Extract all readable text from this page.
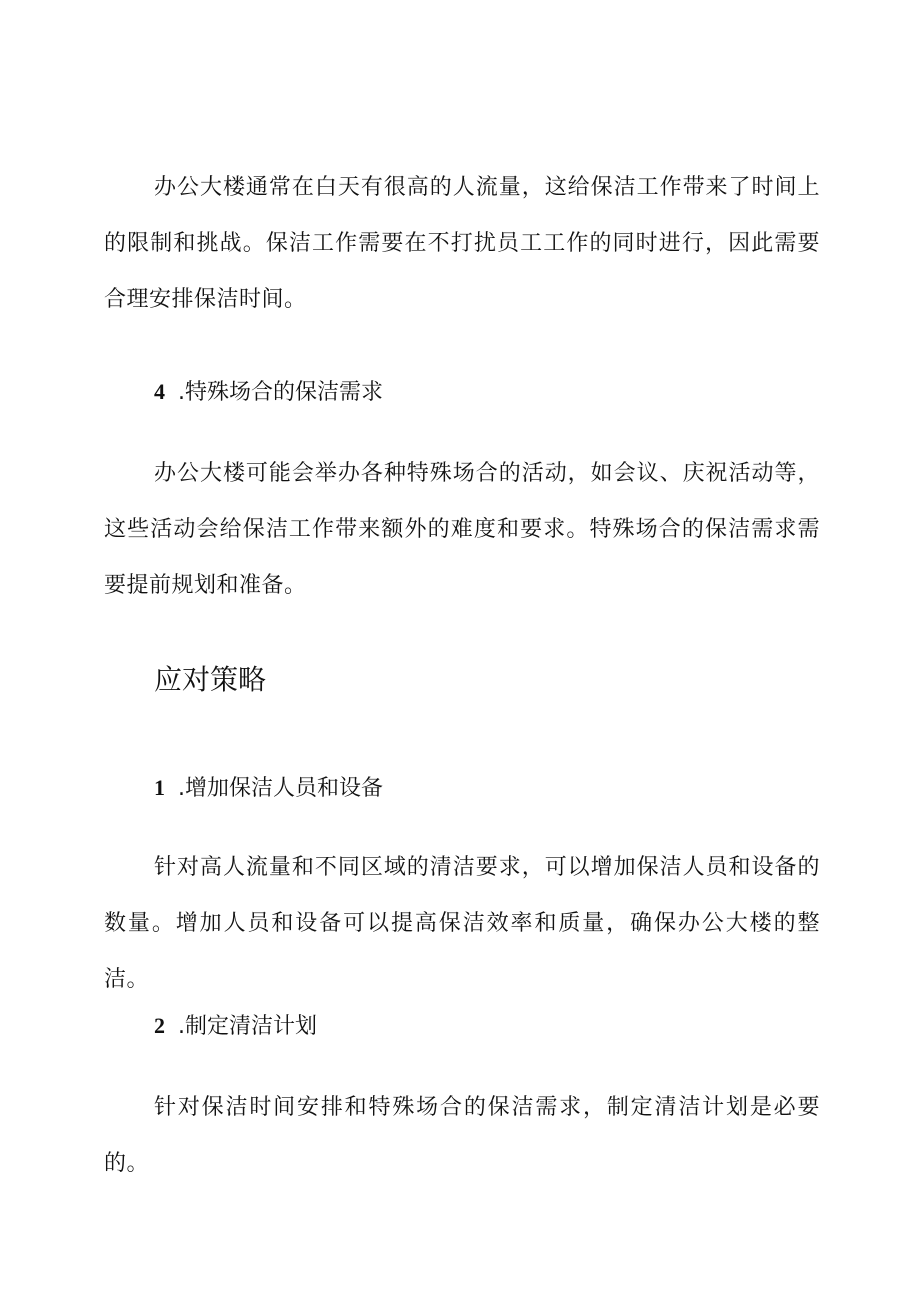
办公大楼通常在白天有很高的人流量，这给保洁工作带来了时间上的限制和挑战。保洁工作需要在不打扰员工工作的同时进行，因此需要合理安排保洁时间。

4 .特殊场合的保洁需求

办公大楼可能会举办各种特殊场合的活动，如会议、庆祝活动等，这些活动会给保洁工作带来额外的难度和要求。特殊场合的保洁需求需要提前规划和准备。

应对策略
1 .增加保洁人员和设备

针对高人流量和不同区域的清洁要求，可以增加保洁人员和设备的数量。增加人员和设备可以提高保洁效率和质量，确保办公大楼的整洁。

2 .制定清洁计划

针对保洁时间安排和特殊场合的保洁需求，制定清洁计划是必要的。
